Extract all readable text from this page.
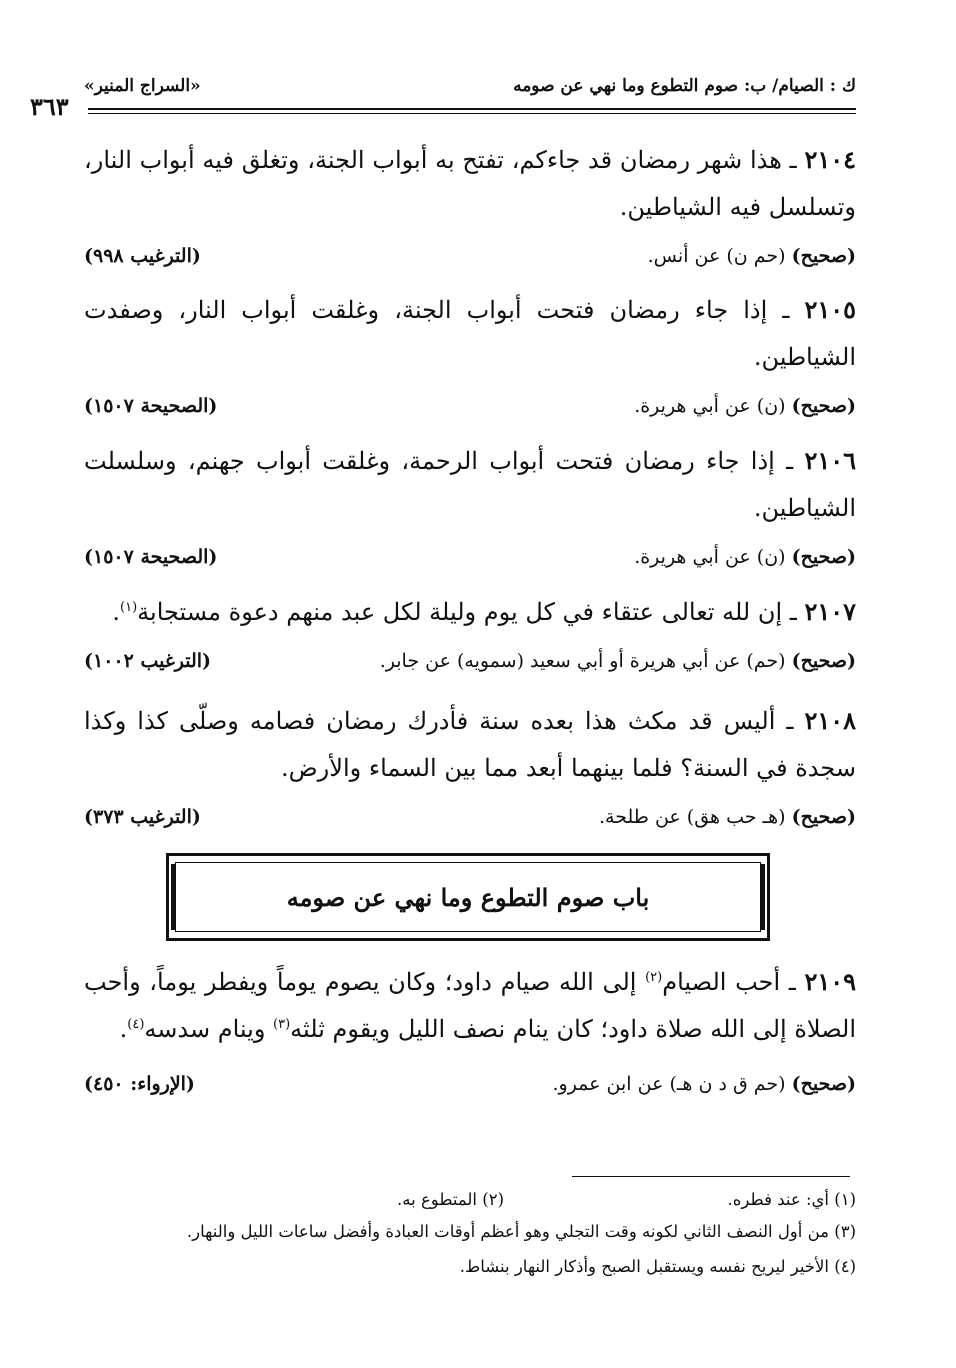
ك : الصيام/ ب: صوم التطوع وما نهي عن صومه
«السراج المنير»
٣٦٣
٢١٠٤ ـ هذا شهر رمضان قد جاءكم، تفتح به أبواب الجنة، وتغلق فيه أبواب النار، وتسلسل فيه الشياطين.
(صحيح) (حم ن) عن أنس.
(الترغيب ٩٩٨)
٢١٠٥ ـ إذا جاء رمضان فتحت أبواب الجنة، وغلقت أبواب النار، وصفدت الشياطين.
(صحيح) (ن) عن أبي هريرة.
(الصحيحة ١٥٠٧)
٢١٠٦ ـ إذا جاء رمضان فتحت أبواب الرحمة، وغلقت أبواب جهنم، وسلسلت الشياطين.
(صحيح) (ن) عن أبي هريرة.
(الصحيحة ١٥٠٧)
٢١٠٧ ـ إن لله تعالى عتقاء في كل يوم وليلة لكل عبد منهم دعوة مستجابة$^{(١)}$.
(صحيح) (حم) عن أبي هريرة أو أبي سعيد (سمويه) عن جابر.
(الترغيب ١٠٠٢)
٢١٠٨ ـ أليس قد مكث هذا بعده سنة فأدرك رمضان فصامه وصلّى كذا وكذا سجدة في السنة؟ فلما بينهما أبعد مما بين السماء والأرض.
(صحيح) (هـ حب هق) عن طلحة.
(الترغيب ٣٧٣)
باب صوم التطوع وما نهي عن صومه
٢١٠٩ ـ أحب الصيام$^{(٢)}$ إلى الله صيام داود؛ وكان يصوم يوماً ويفطر يوماً، وأحب الصلاة إلى الله صلاة داود؛ كان ينام نصف الليل ويقوم ثلثه$^{(٣)}$ وينام سدسه$^{(٤)}$.
(صحيح) (حم ق د ن هـ) عن ابن عمرو.
(الإرواء: ٤٥٠)
(١) أي: عند فطره.
(٢) المتطوع به.
(٣) من أول النصف الثاني لكونه وقت التجلي وهو أعظم أوقات العبادة وأفضل ساعات الليل والنهار.
(٤) الأخير ليريح نفسه ويستقبل الصبح وأذكار النهار بنشاط.
